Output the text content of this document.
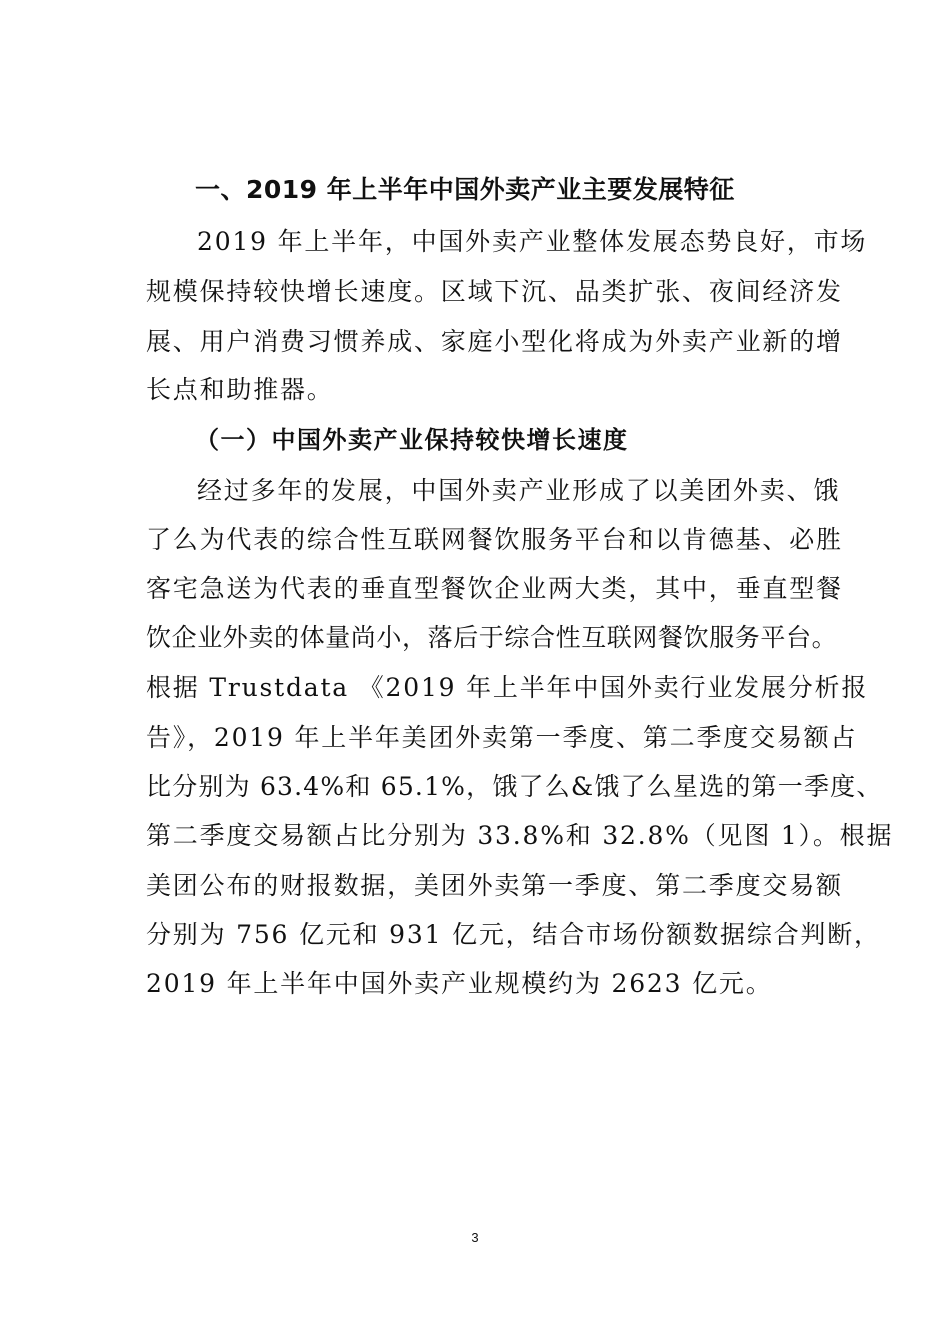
一、2019 年上半年中国外卖产业主要发展特征
2019 年上半年，中国外卖产业整体发展态势良好，市场
规模保持较快增长速度。区域下沉、品类扩张、夜间经济发
展、用户消费习惯养成、家庭小型化将成为外卖产业新的增
长点和助推器。
（一）中国外卖产业保持较快增长速度
经过多年的发展，中国外卖产业形成了以美团外卖、饿
了么为代表的综合性互联网餐饮服务平台和以肯德基、必胜
客宅急送为代表的垂直型餐饮企业两大类，其中，垂直型餐
饮企业外卖的体量尚小，落后于综合性互联网餐饮服务平台。
根据 Trustdata 《2019 年上半年中国外卖行业发展分析报
告》，2019 年上半年美团外卖第一季度、第二季度交易额占
比分别为 63.4%和 65.1%，饿了么&饿了么星选的第一季度、
第二季度交易额占比分别为 33.8%和 32.8%（见图 1）。根据
美团公布的财报数据，美团外卖第一季度、第二季度交易额
分别为 756 亿元和 931 亿元，结合市场份额数据综合判断，
2019 年上半年中国外卖产业规模约为 2623 亿元。
3
